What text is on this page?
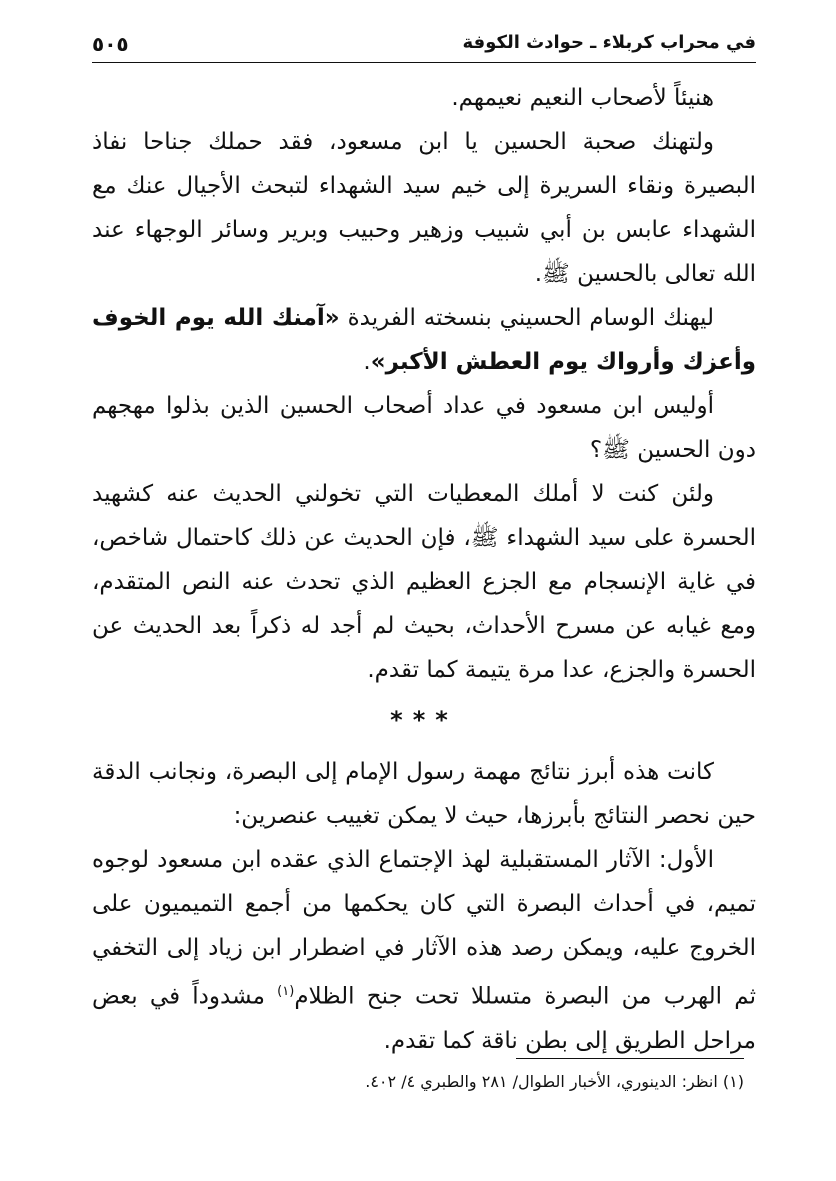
في محراب كربلاء ـ حوادث الكوفة
٥٠٥

هنيئاً لأصحاب النعيم نعيمهم.

ولتهنك صحبة الحسين يا ابن مسعود، فقد حملك جناحا نفاذ البصيرة ونقاء السريرة إلى خيم سيد الشهداء لتبحث الأجيال عنك مع الشهداء عابس بن أبي شبيب وزهير وحبيب وبرير وسائر الوجهاء عند الله تعالى بالحسين ﷺ.

ليهنك الوسام الحسيني بنسخته الفريدة «آمنك الله يوم الخوف وأعزك وأرواك يوم العطش الأكبر».

أوليس ابن مسعود في عداد أصحاب الحسين الذين بذلوا مهجهم دون الحسين ﷺ؟

ولئن كنت لا أملك المعطيات التي تخولني الحديث عنه كشهيد الحسرة على سيد الشهداء ﷺ، فإن الحديث عن ذلك كاحتمال شاخص، في غاية الإنسجام مع الجزع العظيم الذي تحدث عنه النص المتقدم، ومع غيابه عن مسرح الأحداث، بحيث لم أجد له ذكراً بعد الحديث عن الحسرة والجزع، عدا مرة يتيمة كما تقدم.

***

كانت هذه أبرز نتائج مهمة رسول الإمام إلى البصرة، ونجانب الدقة حين نحصر النتائج بأبرزها، حيث لا يمكن تغييب عنصرين:

الأول: الآثار المستقبلية لهذ الإجتماع الذي عقده ابن مسعود لوجوه تميم، في أحداث البصرة التي كان يحكمها من أجمع التميميون على الخروج عليه، ويمكن رصد هذه الآثار في اضطرار ابن زياد إلى التخفي ثم الهرب من البصرة متسللا تحت جنح الظلام$^{(١)}$ مشدوداً في بعض مراحل الطريق إلى بطن ناقة كما تقدم.

(١) انظر: الدينوري، الأخبار الطوال/ ٢٨١ والطبري ٤/ ٤٠٢.
